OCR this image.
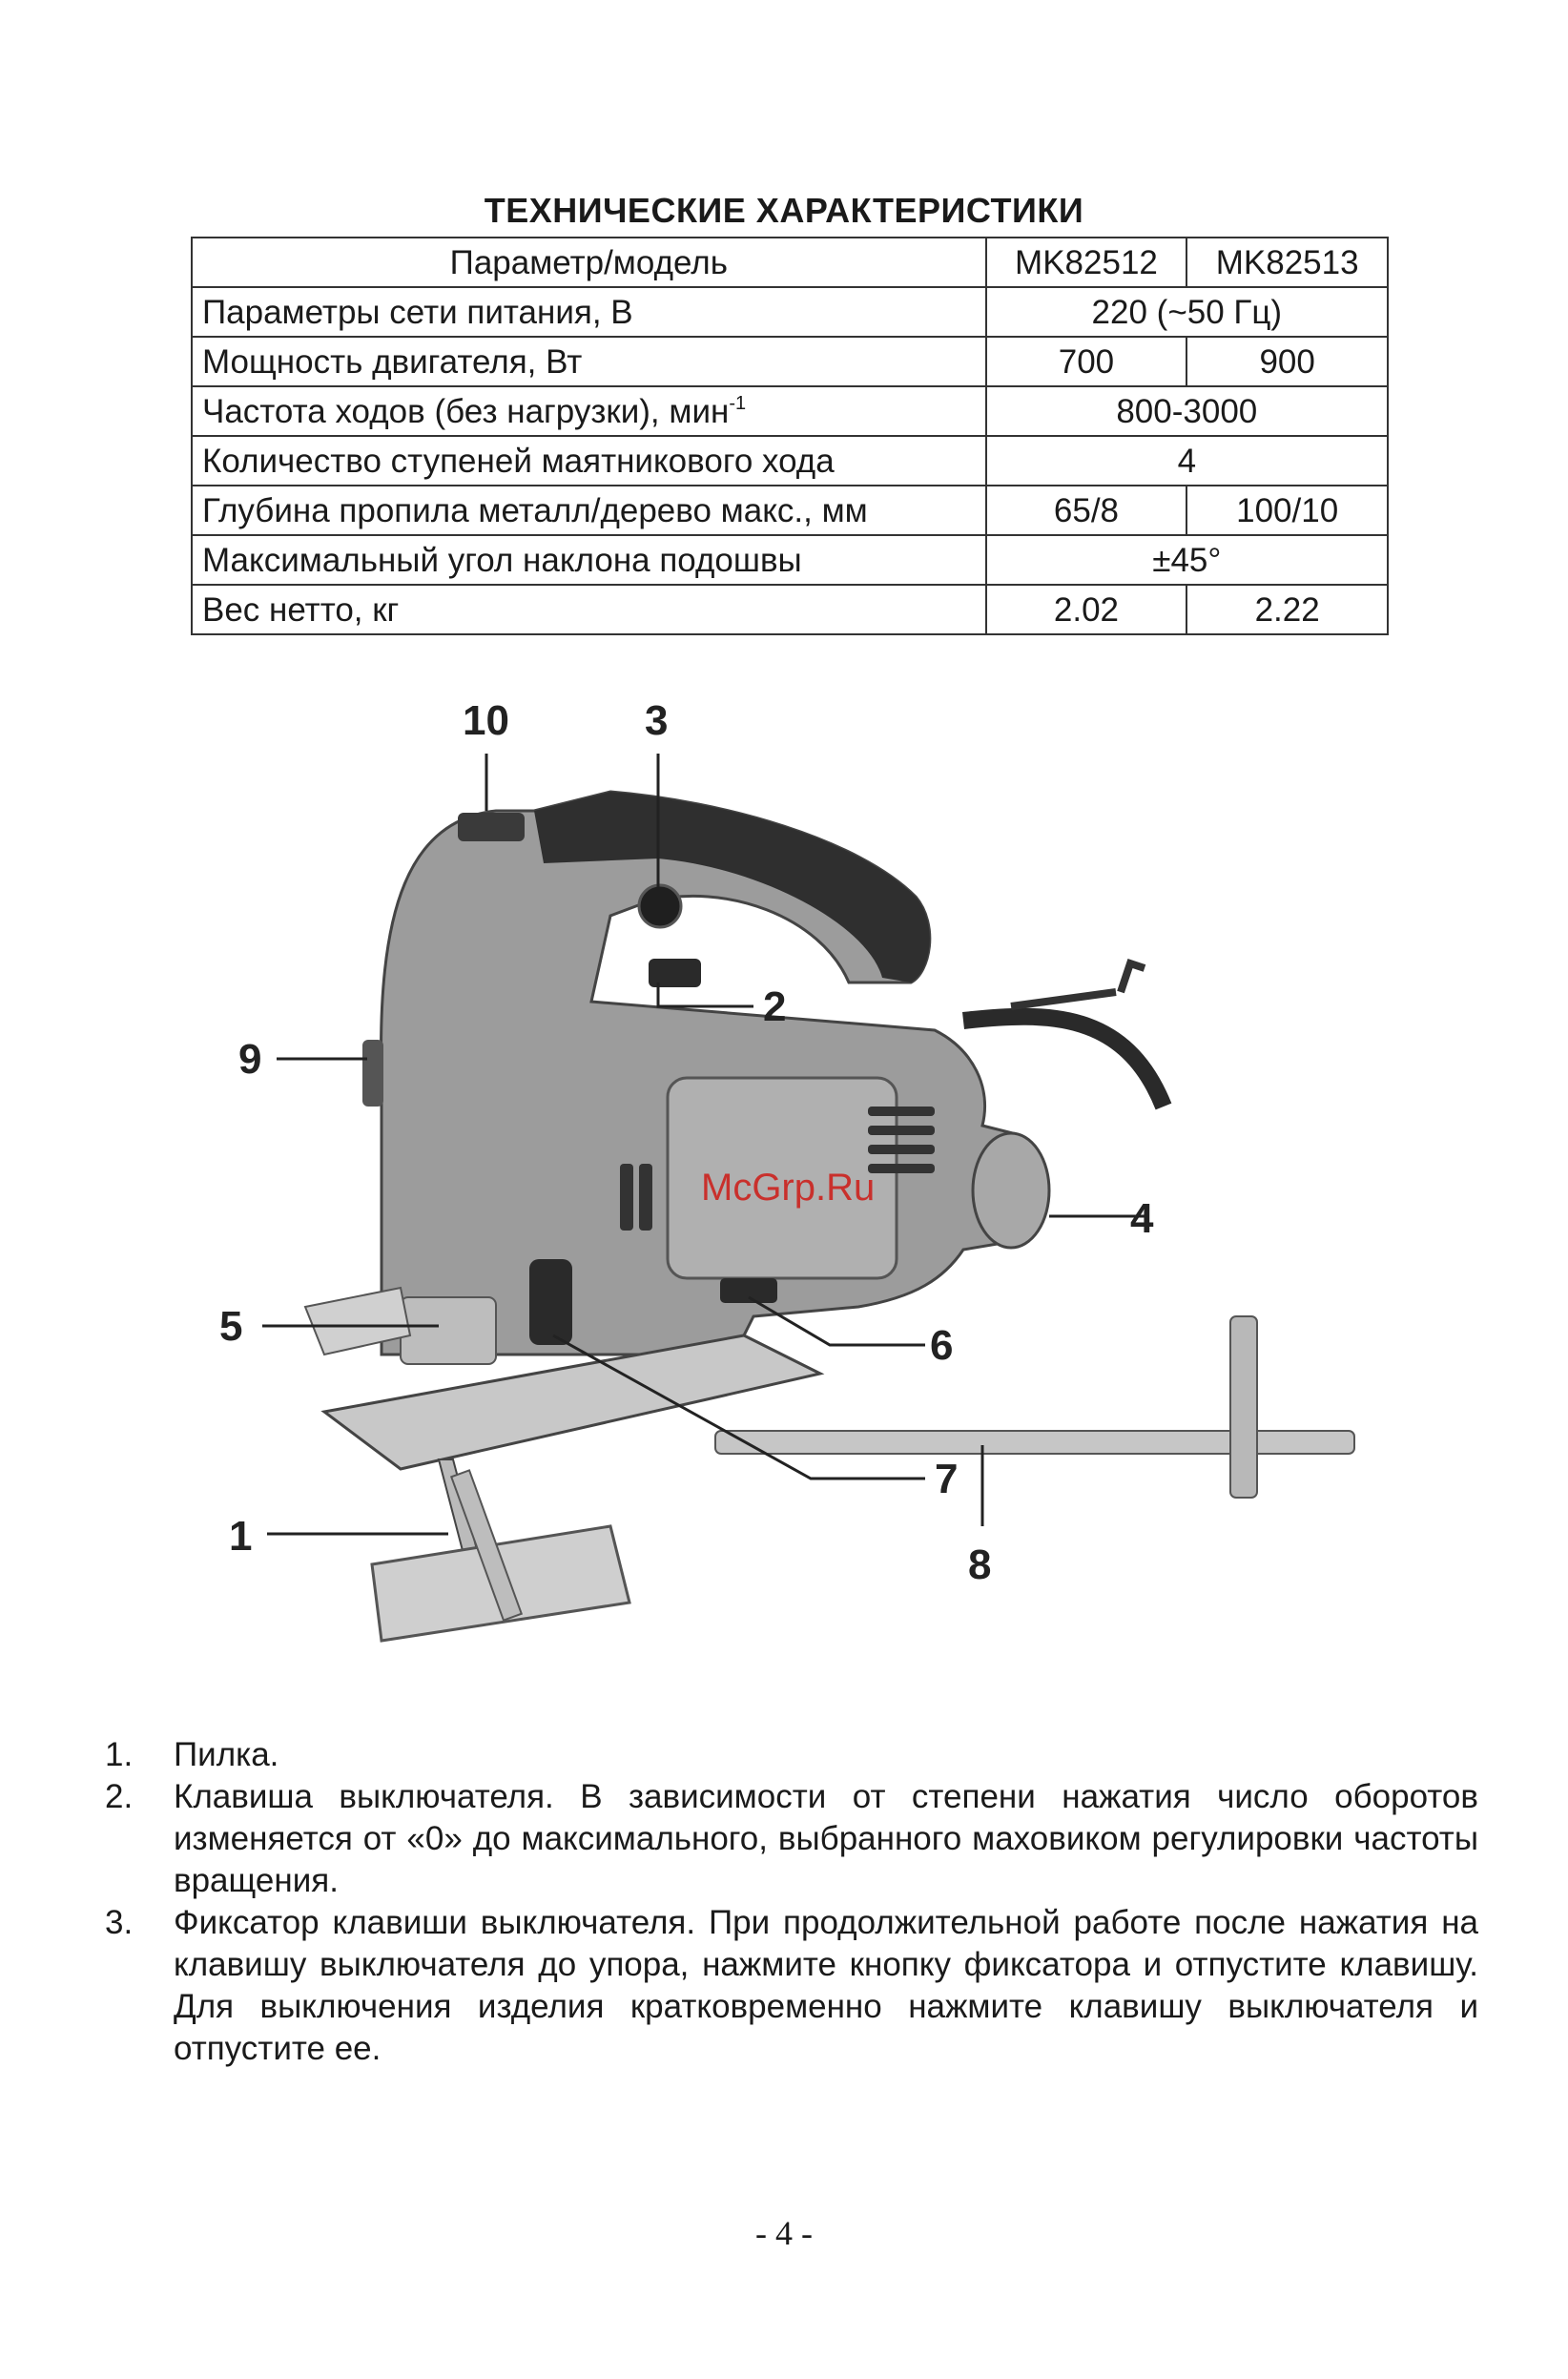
ТЕХНИЧЕСКИЕ ХАРАКТЕРИСТИКИ
Параметр/модель	MK82512	MK82513
Параметры сети питания, В	220 (~50 Гц)	
Мощность двигателя, Вт	700	900
Частота ходов (без нагрузки), мин$^{-1}$	800-3000	
Количество ступеней маятникового хода	4	
Глубина пропила металл/дерево макс., мм	65/8	100/10
Максимальный угол наклона подошвы	±45°	
Вес нетто, кг	2.02	2.22
McGrp.Ru
10	3
2
9
4
5	6
7
1
8
1. Пилка.
2. Клавиша выключателя. В зависимости от степени нажатия число оборотов изменяется от «0» до максимального, выбранного маховиком регулировки частоты вращения.
3. Фиксатор клавиши выключателя. При продолжительной работе после нажатия на клавишу выключателя до упора, нажмите кнопку фиксатора и отпустите клавишу. Для выключения изделия кратковременно нажмите клавишу выключателя и отпустите ее.
- 4 -
